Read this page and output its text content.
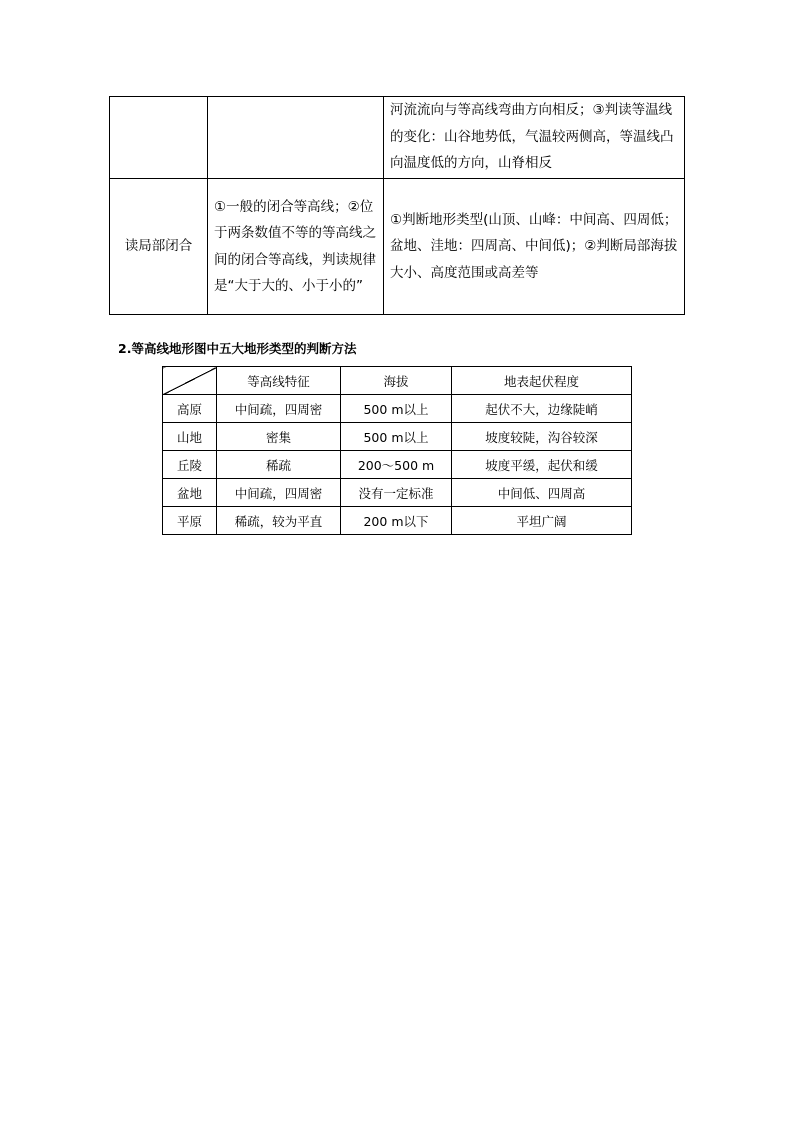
		河流流向与等高线弯曲方向相反；③判读等温线的变化：山谷地势低，气温较两侧高，等温线凸向温度低的方向，山脊相反
读局部闭合	①一般的闭合等高线；②位于两条数值不等的等高线之间的闭合等高线，判读规律是“大于大的、小于小的”	①判断地形类型(山顶、山峰：中间高、四周低；盆地、洼地：四周高、中间低)；②判断局部海拔大小、高度范围或高差等
2.等高线地形图中五大地形类型的判断方法
	等高线特征	海拔	地表起伏程度
高原	中间疏，四周密	500 m以上	起伏不大，边缘陡峭
山地	密集	500 m以上	坡度较陡，沟谷较深
丘陵	稀疏	200～500 m	坡度平缓，起伏和缓
盆地	中间疏，四周密	没有一定标准	中间低、四周高
平原	稀疏，较为平直	200 m以下	平坦广阔
